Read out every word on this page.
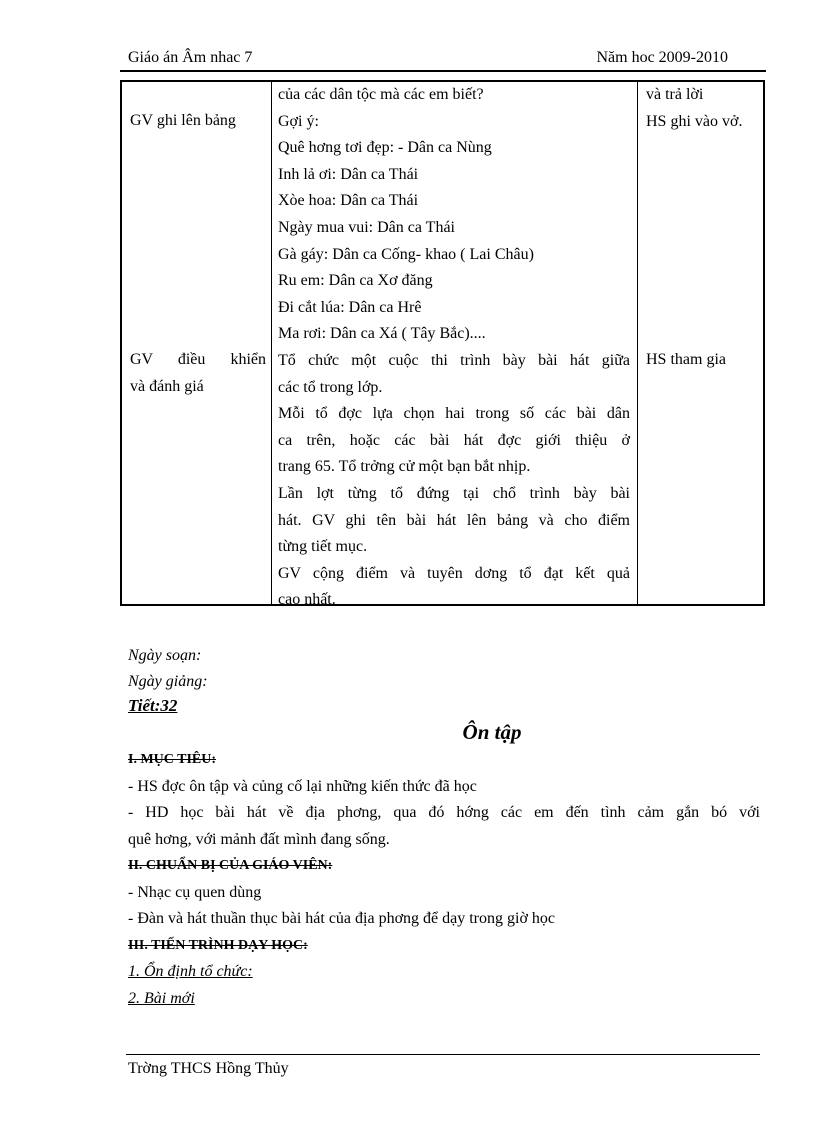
Giáo án Âm nhac 7	Năm hoc 2009-2010
GV ghi lên bảng
GV điều khiển
và đánh giá
của các dân tộc mà các em biết?
Gợi ý:
Quê hơng tơi đẹp: - Dân ca Nùng
Inh lả ơi: Dân ca Thái
Xòe hoa: Dân ca Thái
Ngày mua vui: Dân ca Thái
Gà gáy: Dân ca Cống- khao ( Lai Châu)
Ru em: Dân ca Xơ đăng
Đi cắt lúa: Dân ca Hrê
Ma rơi: Dân ca Xá ( Tây Bắc)....
Tổ chức một cuộc thi trình bày bài hát giữa
các tổ trong lớp.
Mỗi tổ đợc lựa chọn hai trong số các bài dân
ca trên, hoặc các bài hát đợc giới thiệu ở
trang 65. Tổ trởng cử một bạn bắt nhịp.
Lần lợt từng tổ đứng tại chổ trình bày bài
hát. GV ghi tên bài hát lên bảng và cho điểm
từng tiết mục.
GV cộng điểm và tuyên dơng tổ đạt kết quả
cao nhất.
và trả lời
HS ghi vào vở.
HS tham gia
Ngày soạn:
Ngày giảng:
Tiết:32
Ôn tập
I. MỤC TIÊU:
- HS đợc ôn tập và củng cố lại những kiến thức đã học
- HD học bài hát về địa phơng, qua đó hớng các em đến tình cảm gắn bó với
quê hơng, với mảnh đất mình đang sống.
II. CHUẨN BỊ CỦA GIÁO VIÊN:
- Nhạc cụ quen dùng
- Đàn và hát thuần thục bài hát của địa phơng để dạy trong giờ học
III. TIẾN TRÌNH DẠY HỌC:
1. Ổn định tổ chức:
2. Bài mới
Trờng THCS Hồng Thủy
